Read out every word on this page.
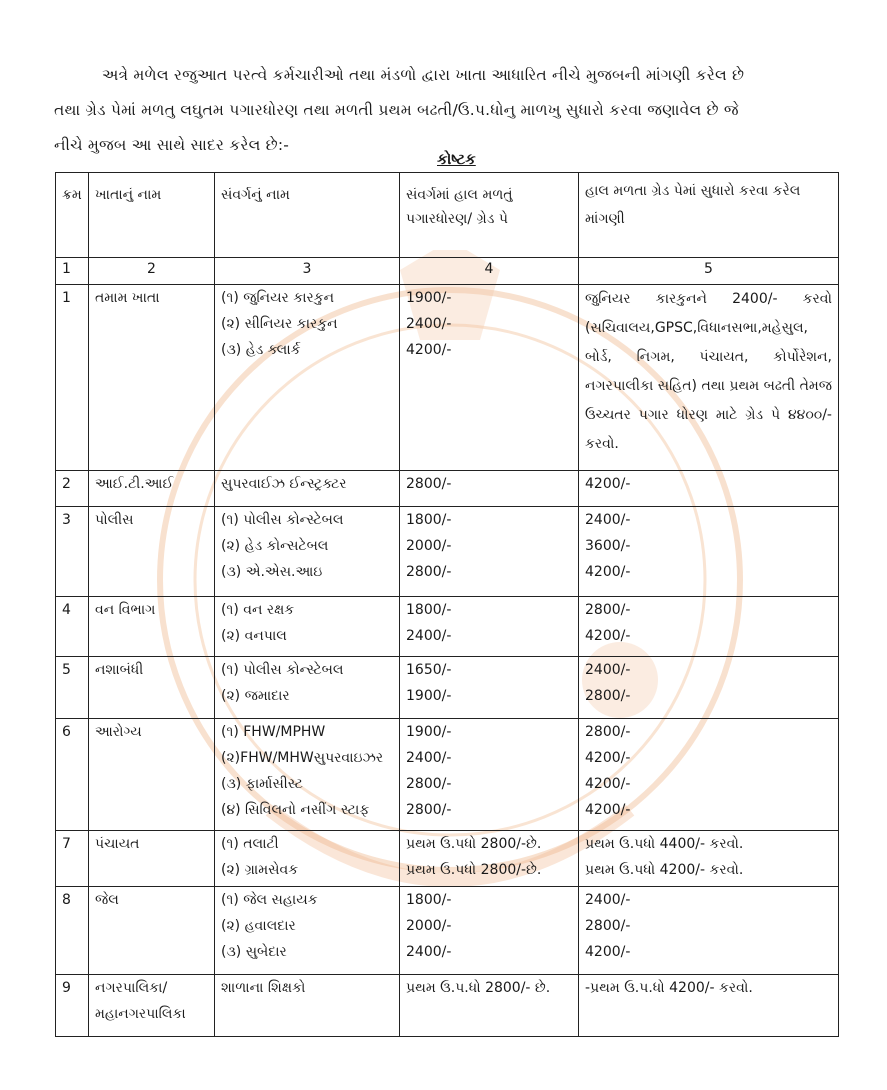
અત્રે મળેલ રજુઆત પરત્વે કર્મચારીઓ તથા મંડળો દ્વારા ખાતા આધારિત નીચે મુજબની માંગણી કરેલ છે
તથા ગ્રેડ પેમાં મળતુ લઘુતમ પગારધોરણ તથા મળતી પ્રથમ બઢતી/ઉ.પ.ધોનુ માળખુ સુધારો કરવા જણાવેલ છે જે
નીચે મુજબ આ સાથે સાદર કરેલ છે:-
કોષ્ટક
ક્રમ	ખાતાનું નામ	સંવર્ગનું નામ	સંવર્ગમાં હાલ મળતું પગારધોરણ/ ગ્રેડ પે	હાલ મળતા ગ્રેડ પેમાં સુધારો કરવા કરેલ માંગણી
1	2	3	4	5

1	તમામ ખાતા	(૧) જુનિયર કારકુન
(૨) સીનિયર કારકુન
(૩) હેડ ક્લાર્ક	1900/-
2400/-
4200/-	જુનિયર કારકુનને 2400/- કરવો (સચિવાલય,GPSC,વિધાનસભા,મહેસુલ, બોર્ડ, નિગમ, પંચાયત, કોર્પોરેશન, નગરપાલીકા સહિત) તથા પ્રથમ બઢતી તેમજ ઉચ્ચતર પગાર ધોરણ માટે ગ્રેડ પે ૪૪૦૦/-કરવો.

2	આઈ.ટી.આઈ	સુપરવાઈઝ ઈન્સ્ટ્રક્ટર	2800/-	4200/-

3	પોલીસ	(૧) પોલીસ કોન્સ્ટેબલ
(૨) હેડ કોન્સટેબલ
(૩) એ.એસ.આઇ	1800/-
2000/-
2800/-	2400/-
3600/-
4200/-

4	વન વિભાગ	(૧) વન રક્ષક
(૨) વનપાલ	1800/-
2400/-	2800/-
4200/-

5	નશાબંધી	(૧) પોલીસ કોન્સ્ટેબલ
(૨) જમાદાર	1650/-
1900/-	2400/-
2800/-

6	આરોગ્ય	(૧) FHW/MPHW
(૨)FHW/MHWસુપરવાઇઝર
(૩) ફાર્માસીસ્ટ
(૪) સિવિલનો નસીંગ સ્ટાફ	1900/-
2400/-
2800/-
2800/-	2800/-
4200/-
4200/-
4200/-

7	પંચાયત	(૧) તલાટી
(૨) ગ્રામસેવક	પ્રથમ ઉ.પધો 2800/-છે.
પ્રથમ ઉ.પધો 2800/-છે.	પ્રથમ ઉ.પધો 4400/- કરવો.
પ્રથમ ઉ.પધો 4200/- કરવો.

8	જેલ	(૧) જેલ સહાયક
(૨) હવાલદાર
(૩) સુબેદાર	1800/-
2000/-
2400/-	2400/-
2800/-
4200/-

9	નગરપાલિકા/
મહાનગરપાલિકા	શાળાના શિક્ષકો	પ્રથમ ઉ.પ.ધો 2800/- છે.	-પ્રથમ ઉ.પ.ધો 4200/- કરવો.
